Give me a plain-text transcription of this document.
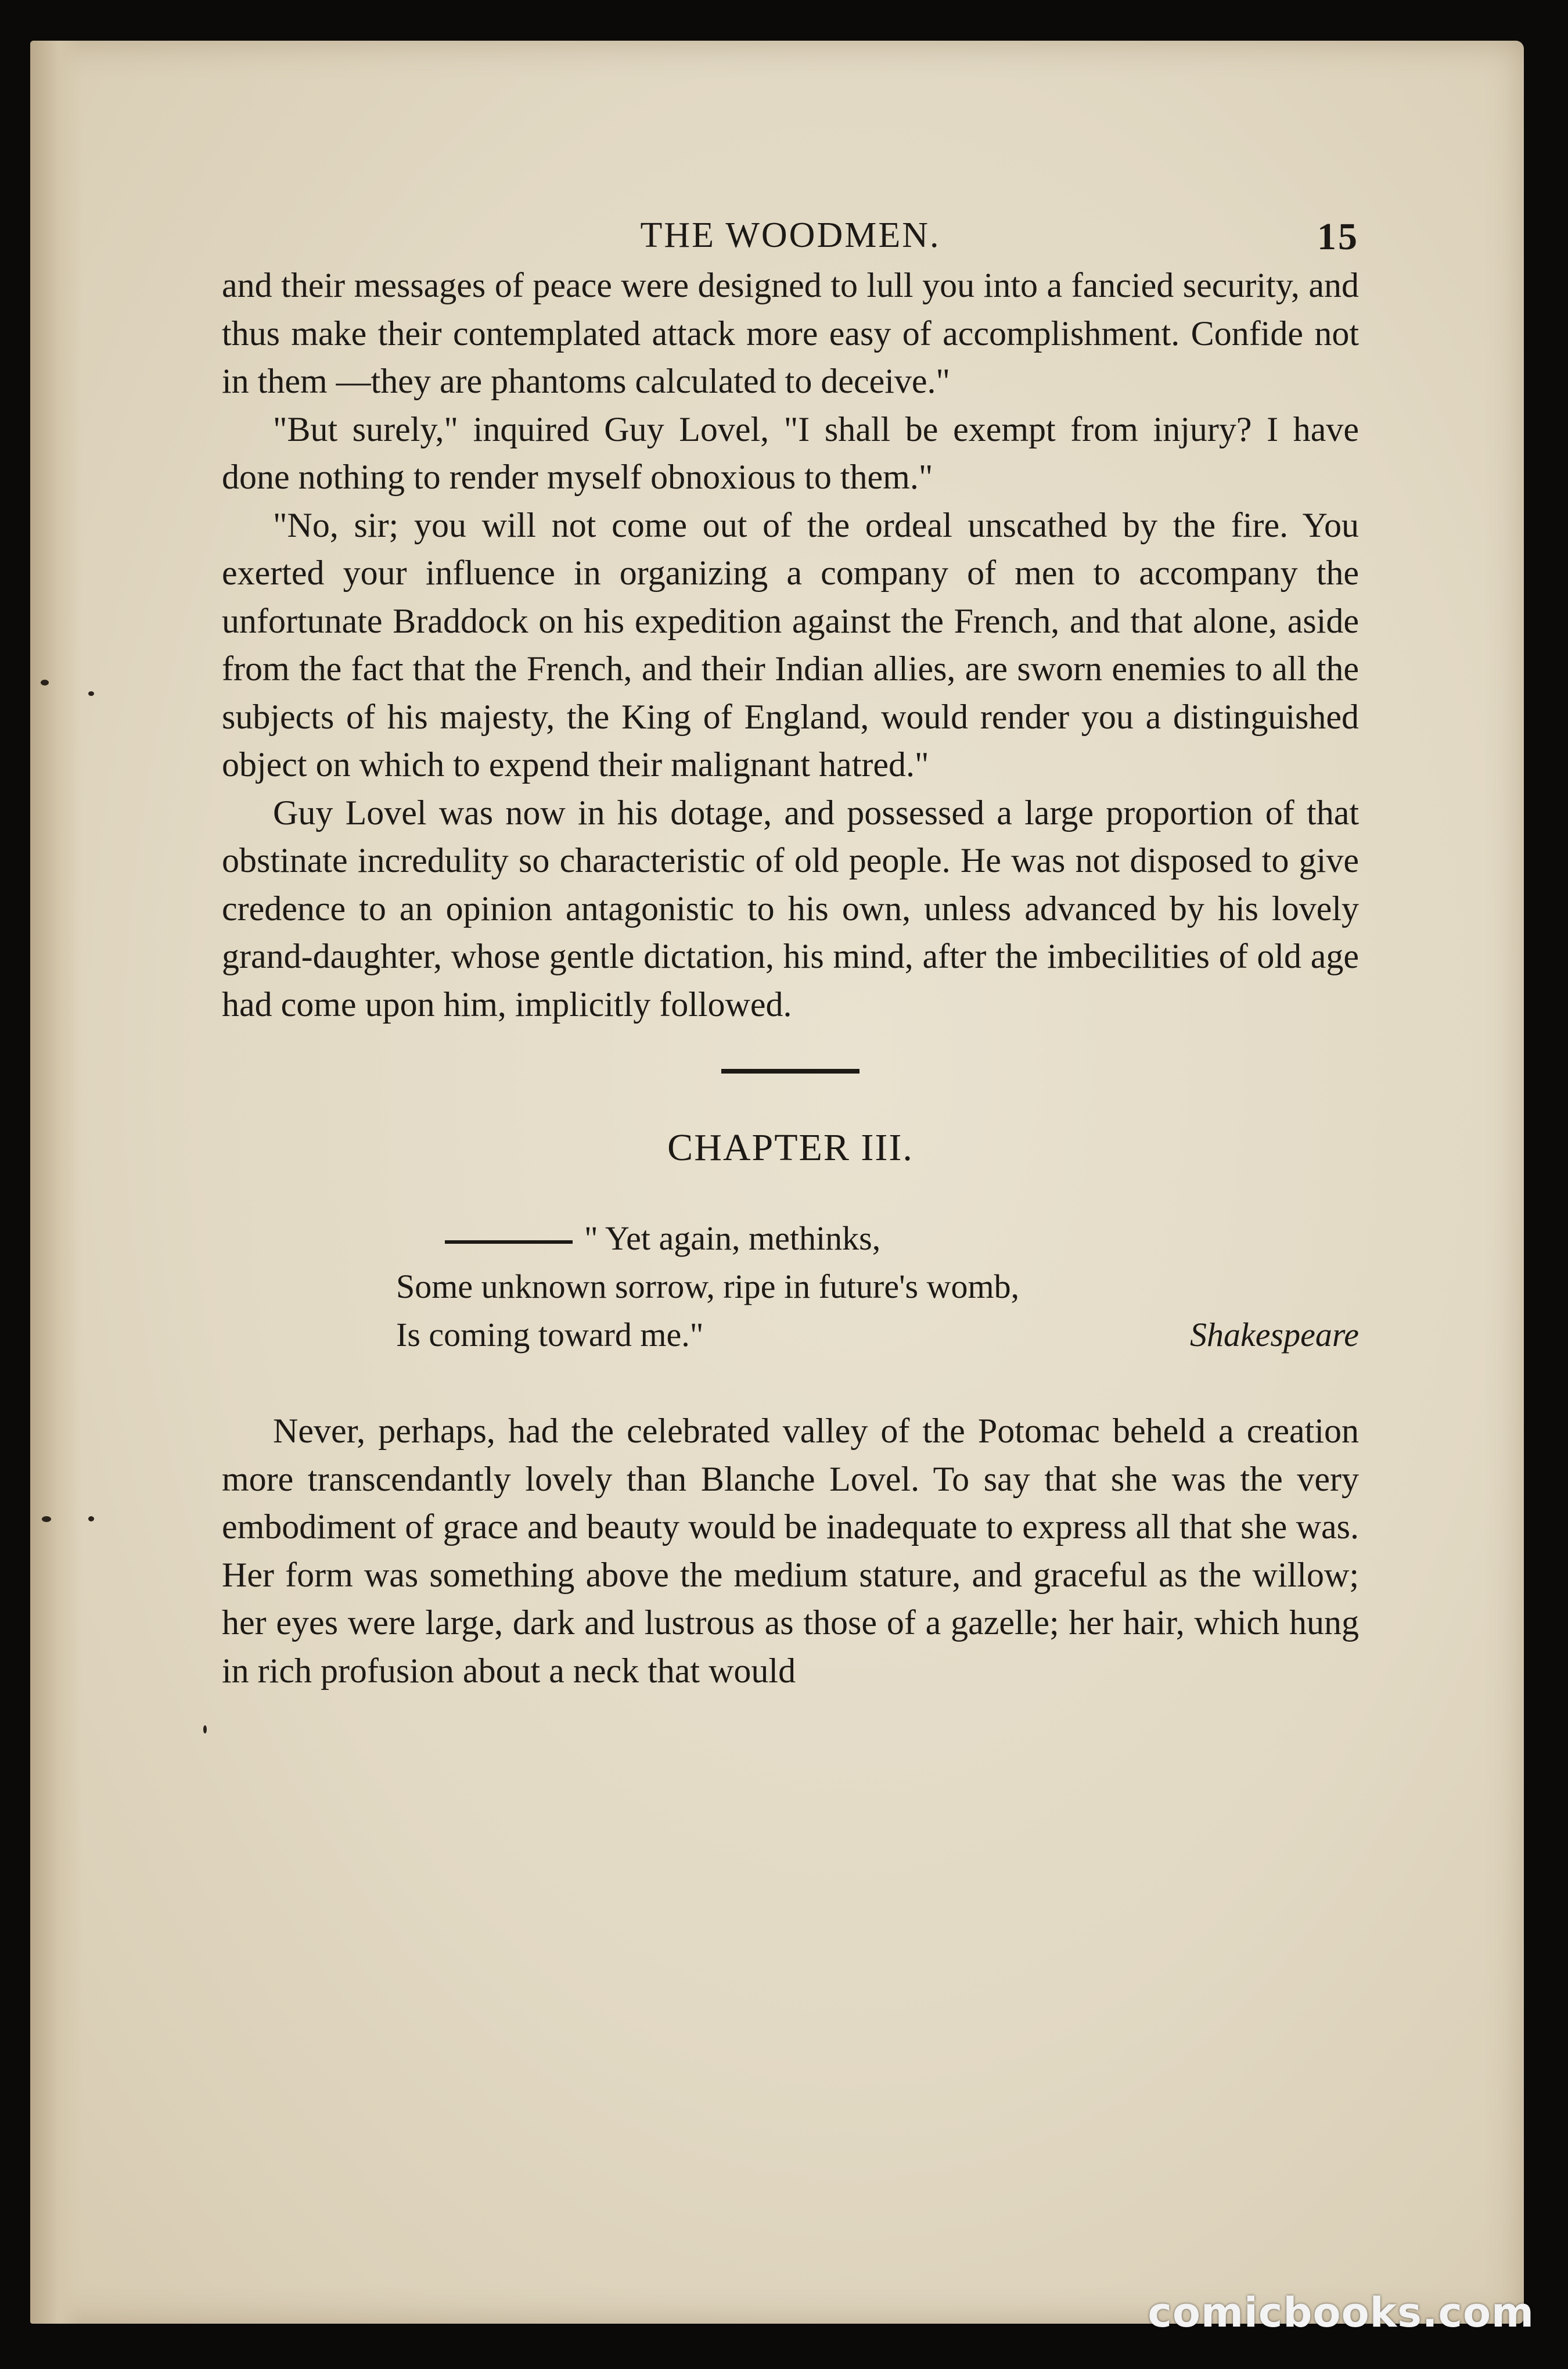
THE WOODMEN.	15

and their messages of peace were designed to lull you into a fancied security, and thus make their contemplated attack more easy of accomplishment. Confide not in them —they are phantoms calculated to deceive."

"But surely," inquired Guy Lovel, "I shall be exempt from injury? I have done nothing to render myself obnoxious to them."

"No, sir; you will not come out of the ordeal unscathed by the fire. You exerted your influence in organizing a company of men to accompany the unfortunate Braddock on his expedition against the French, and that alone, aside from the fact that the French, and their Indian allies, are sworn enemies to all the subjects of his majesty, the King of England, would render you a distinguished object on which to expend their malignant hatred."

Guy Lovel was now in his dotage, and possessed a large proportion of that obstinate incredulity so characteristic of old people. He was not disposed to give credence to an opinion antagonistic to his own, unless advanced by his lovely grand-daughter, whose gentle dictation, his mind, after the imbecilities of old age had come upon him, implicitly followed.

CHAPTER III.
" Yet again, methinks,
Some unknown sorrow, ripe in future's womb,
Is coming toward me."	Shakespeare

Never, perhaps, had the celebrated valley of the Potomac beheld a creation more transcendantly lovely than Blanche Lovel. To say that she was the very embodiment of grace and beauty would be inadequate to express all that she was. Her form was something above the medium stature, and graceful as the willow; her eyes were large, dark and lustrous as those of a gazelle; her hair, which hung in rich profusion about a neck that would

comicbooks.com
